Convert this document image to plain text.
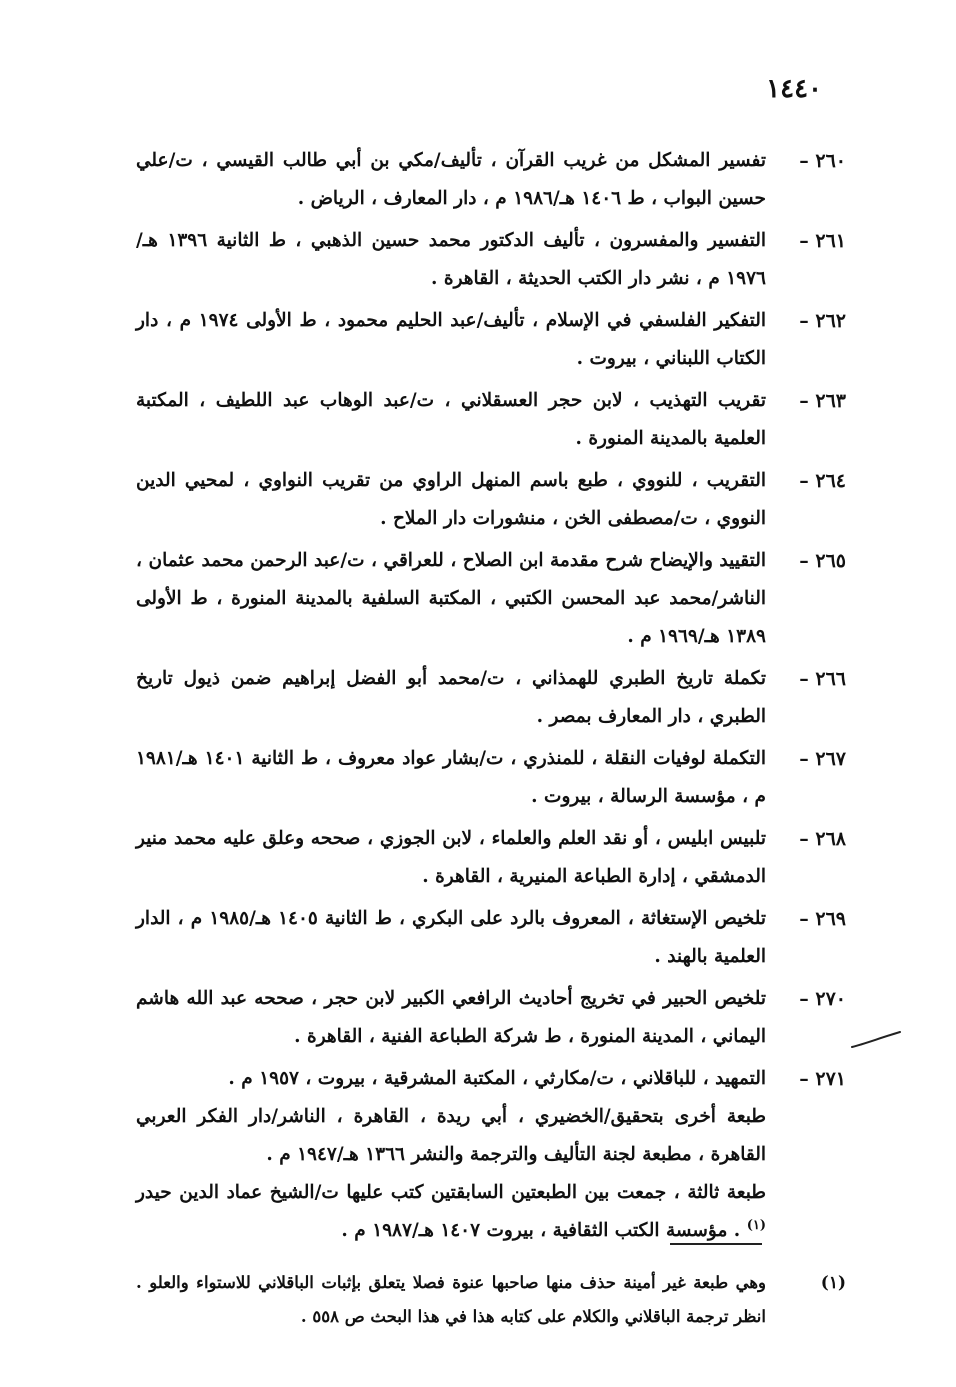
١٤٤٠
٢٦٠ –

تفسير المشكل من غريب القرآن ، تأليف/مكي بن أبي طالب القيسي ، ت/علي حسين البواب ، ط ١٤٠٦ هـ/١٩٨٦ م ، دار المعارف ، الرياض .

٢٦١ –

التفسير والمفسرون ، تأليف الدكتور محمد حسين الذهبي ، ط الثانية ١٣٩٦ هـ/ ١٩٧٦ م ، نشر دار الكتب الحديثة ، القاهرة .

٢٦٢ –

التفكير الفلسفي في الإسلام ، تأليف/عبد الحليم محمود ، ط الأولى ١٩٧٤ م ، دار الكتاب اللبناني ، بيروت .

٢٦٣ –

تقريب التهذيب ، لابن حجر العسقلاني ، ت/عبد الوهاب عبد اللطيف ، المكتبة العلمية بالمدينة المنورة .

٢٦٤ –

التقريب ، للنووي ، طبع باسم المنهل الراوي من تقريب النواوي ، لمحيي الدين النووي ، ت/مصطفى الخن ، منشورات دار الملاح .

٢٦٥ –

التقييد والإيضاح شرح مقدمة ابن الصلاح ، للعراقي ، ت/عبد الرحمن محمد عثمان ، الناشر/محمد عبد المحسن الكتبي ، المكتبة السلفية بالمدينة المنورة ، ط الأولى ١٣٨٩ هـ/١٩٦٩ م .

٢٦٦ –

تكملة تاريخ الطبري للهمذاني ، ت/محمد أبو الفضل إبراهيم ضمن ذيول تاريخ الطبري ، دار المعارف بمصر .

٢٦٧ –

التكملة لوفيات النقلة ، للمنذري ، ت/بشار عواد معروف ، ط الثانية ١٤٠١ هـ/١٩٨١ م ، مؤسسة الرسالة ، بيروت .

٢٦٨ –

تلبيس ابليس ، أو نقد العلم والعلماء ، لابن الجوزي ، صححه وعلق عليه محمد منير الدمشقي ، إدارة الطباعة المنيرية ، القاهرة .

٢٦٩ –

تلخيص الإستغاثة ، المعروف بالرد على البكري ، ط الثانية ١٤٠٥ هـ/١٩٨٥ م ، الدار العلمية بالهند .

٢٧٠ –

تلخيص الحبير في تخريج أحاديث الرافعي الكبير لابن حجر ، صححه عبد الله هاشم اليماني ، المدينة المنورة ، ط شركة الطباعة الفنية ، القاهرة .

٢٧١ –

التمهيد ، للباقلاني ، ت/مكارثي ، المكتبة المشرقية ، بيروت ، ١٩٥٧ م .

طبعة أخرى بتحقيق/الخضيري ، أبي ريدة ، القاهرة ، الناشر/دار الفكر العربي القاهرة ، مطبعة لجنة التأليف والترجمة والنشر ١٣٦٦ هـ/١٩٤٧ م .

طبعة ثالثة ، جمعت بين الطبعتين السابقتين كتب عليها ت/الشيخ عماد الدين حيدر $^{(١)}$ . مؤسسة الكتب الثقافية ، بيروت ١٤٠٧ هـ/١٩٨٧ م .

(١)
وهي طبعة غير أمينة حذف منها صاحبها عنوة فصلا يتعلق بإثبات الباقلاني للاستواء والعلو . انظر ترجمة الباقلاني والكلام على كتابه هذا في هذا البحث ص ٥٥٨ .
